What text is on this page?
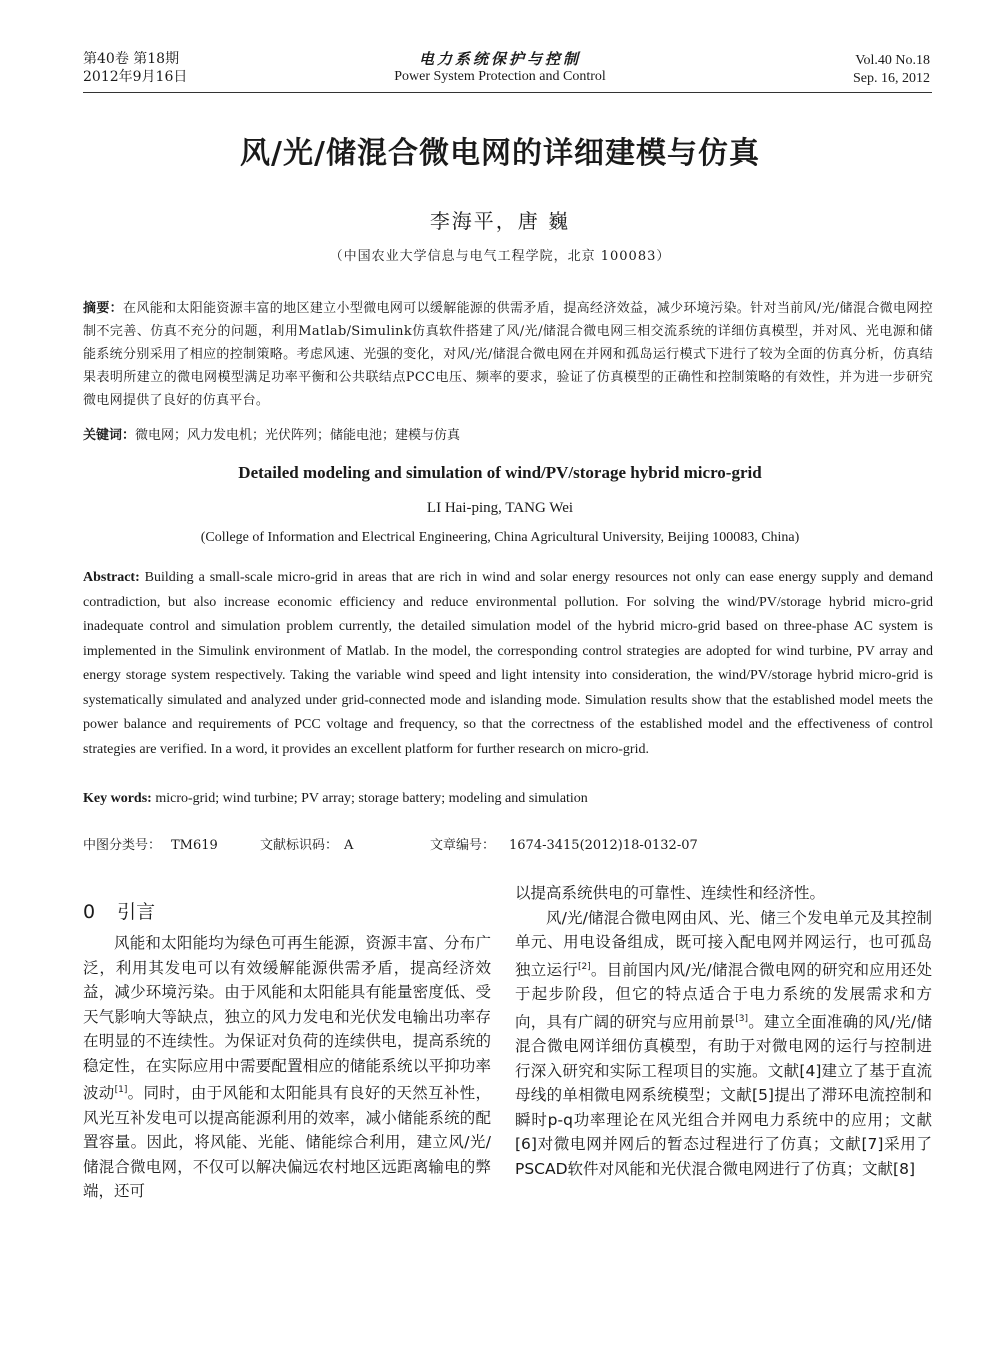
第40卷 第18期
2012年9月16日
电力系统保护与控制
Power System Protection and Control
Vol.40 No.18
Sep. 16, 2012
风/光/储混合微电网的详细建模与仿真
李海平，唐 巍
（中国农业大学信息与电气工程学院，北京 100083）
摘要：在风能和太阳能资源丰富的地区建立小型微电网可以缓解能源的供需矛盾，提高经济效益，减少环境污染。针对当前风/光/储混合微电网控制不完善、仿真不充分的问题，利用Matlab/Simulink仿真软件搭建了风/光/储混合微电网三相交流系统的详细仿真模型，并对风、光电源和储能系统分别采用了相应的控制策略。考虑风速、光强的变化，对风/光/储混合微电网在并网和孤岛运行模式下进行了较为全面的仿真分析，仿真结果表明所建立的微电网模型满足功率平衡和公共联结点PCC电压、频率的要求，验证了仿真模型的正确性和控制策略的有效性，并为进一步研究微电网提供了良好的仿真平台。
关键词：微电网；风力发电机；光伏阵列；储能电池；建模与仿真
Detailed modeling and simulation of wind/PV/storage hybrid micro-grid
LI Hai-ping, TANG Wei
(College of Information and Electrical Engineering, China Agricultural University, Beijing 100083, China)
Abstract: Building a small-scale micro-grid in areas that are rich in wind and solar energy resources not only can ease energy supply and demand contradiction, but also increase economic efficiency and reduce environmental pollution. For solving the wind/PV/storage hybrid micro-grid inadequate control and simulation problem currently, the detailed simulation model of the hybrid micro-grid based on three-phase AC system is implemented in the Simulink environment of Matlab. In the model, the corresponding control strategies are adopted for wind turbine, PV array and energy storage system respectively. Taking the variable wind speed and light intensity into consideration, the wind/PV/storage hybrid micro-grid is systematically simulated and analyzed under grid-connected mode and islanding mode. Simulation results show that the established model meets the power balance and requirements of PCC voltage and frequency, so that the correctness of the established model and the effectiveness of control strategies are verified. In a word, it provides an excellent platform for further research on micro-grid.
Key words: micro-grid; wind turbine; PV array; storage battery; modeling and simulation
中图分类号： TM619	文献标识码： A	文章编号： 1674-3415(2012)18-0132-07
0 引言

风能和太阳能均为绿色可再生能源，资源丰富、分布广泛，利用其发电可以有效缓解能源供需矛盾，提高经济效益，减少环境污染。由于风能和太阳能具有能量密度低、受天气影响大等缺点，独立的风力发电和光伏发电输出功率存在明显的不连续性。为保证对负荷的连续供电，提高系统的稳定性，在实际应用中需要配置相应的储能系统以平抑功率波动[1]。同时，由于风能和太阳能具有良好的天然互补性，风光互补发电可以提高能源利用的效率，减小储能系统的配置容量。因此，将风能、光能、储能综合利用，建立风/光/储混合微电网，不仅可以解决偏远农村地区远距离输电的弊端，还可

以提高系统供电的可靠性、连续性和经济性。

风/光/储混合微电网由风、光、储三个发电单元及其控制单元、用电设备组成，既可接入配电网并网运行，也可孤岛独立运行[2]。目前国内风/光/储混合微电网的研究和应用还处于起步阶段，但它的特点适合于电力系统的发展需求和方向，具有广阔的研究与应用前景[3]。建立全面准确的风/光/储混合微电网详细仿真模型，有助于对微电网的运行与控制进行深入研究和实际工程项目的实施。文献[4]建立了基于直流母线的单相微电网系统模型；文献[5]提出了滞环电流控制和瞬时p-q功率理论在风光组合并网电力系统中的应用；文献[6]对微电网并网后的暂态过程进行了仿真；文献[7]采用了PSCAD软件对风能和光伏混合微电网进行了仿真；文献[8]
